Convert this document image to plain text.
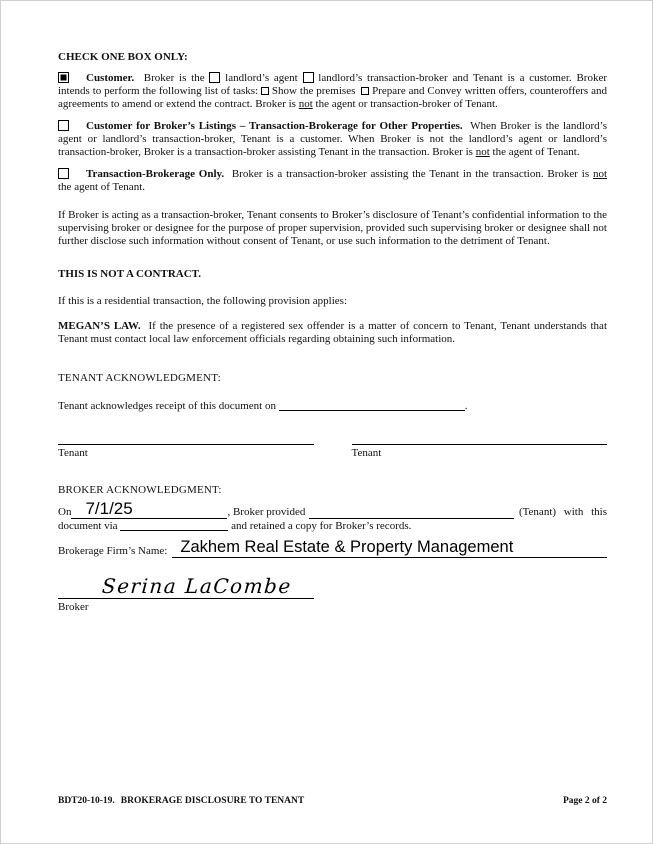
CHECK ONE BOX ONLY:

Customer.  Broker is the  landlord’s agent  landlord’s transaction-broker and Tenant is a customer. Broker intends to perform the following list of tasks:  Show the premises   Prepare and Convey written offers, counteroffers and agreements to amend or extend the contract. Broker is not the agent or transaction-broker of Tenant.

Customer for Broker’s Listings – Transaction-Brokerage for Other Properties.  When Broker is the landlord’s agent or landlord’s transaction-broker, Tenant is a customer. When Broker is not the landlord’s agent or landlord’s transaction-broker, Broker is a transaction-broker assisting Tenant in the transaction. Broker is not the agent of Tenant.

Transaction-Brokerage Only.  Broker is a transaction-broker assisting the Tenant in the transaction. Broker is not the agent of Tenant.

If Broker is acting as a transaction-broker, Tenant consents to Broker’s disclosure of Tenant’s confidential information to the supervising broker or designee for the purpose of proper supervision, provided such supervising broker or designee shall not further disclose such information without consent of Tenant, or use such information to the detriment of Tenant.

THIS IS NOT A CONTRACT.

If this is a residential transaction, the following provision applies:

MEGAN’S LAW.  If the presence of a registered sex offender is a matter of concern to Tenant, Tenant understands that Tenant must contact local law enforcement officials regarding obtaining such information.

TENANT ACKNOWLEDGMENT:

Tenant acknowledges receipt of this document on	.

Tenant	Tenant

BROKER ACKNOWLEDGMENT:

On 7/1/25	, Broker provided	(Tenant) with this

document via	and retained a copy for Broker’s records.

Brokerage Firm’s Name: Zakhem Real Estate & Property Management
Serina LaCombe
Broker
BDT20-10-19. BROKERAGE DISCLOSURE TO TENANT	Page 2 of 2
